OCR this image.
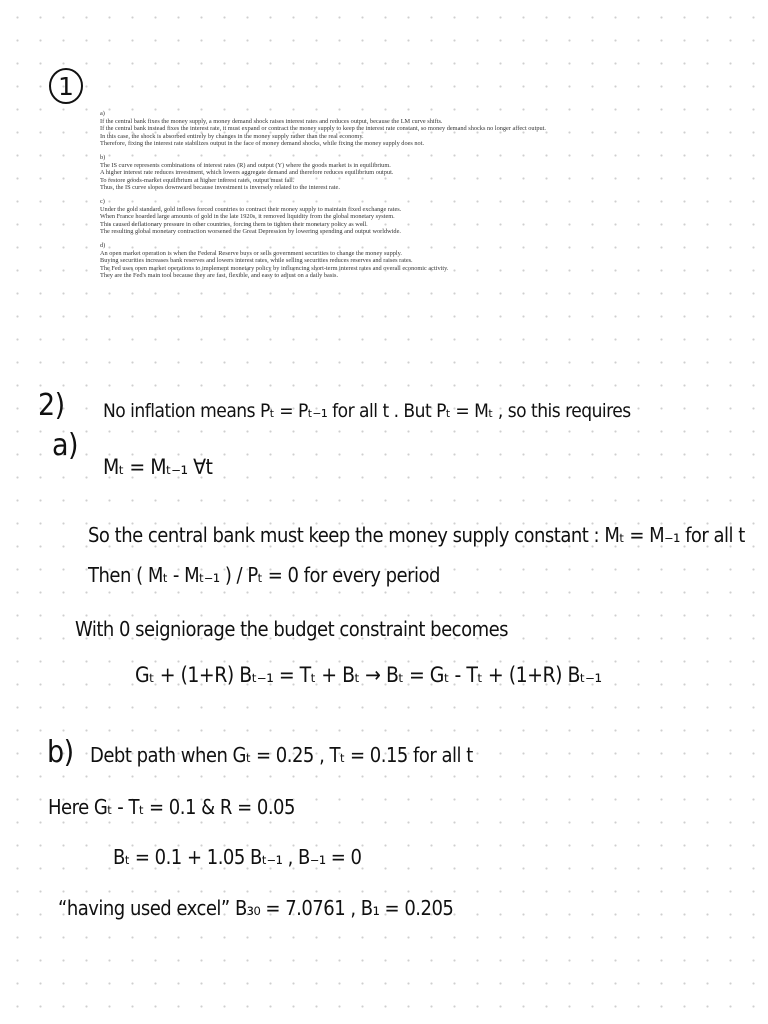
1
a)
If the central bank fixes the money supply, a money demand shock raises interest rates and reduces output, because the LM curve shifts.
If the central bank instead fixes the interest rate, it must expand or contract the money supply to keep the interest rate constant, so money demand shocks no longer affect output.
In this case, the shock is absorbed entirely by changes in the money supply rather than the real economy.
Therefore, fixing the interest rate stabilizes output in the face of money demand shocks, while fixing the money supply does not.
b)
The IS curve represents combinations of interest rates (R) and output (Y) where the goods market is in equilibrium.
A higher interest rate reduces investment, which lowers aggregate demand and therefore reduces equilibrium output.
To restore goods-market equilibrium at higher interest rates, output must fall.
Thus, the IS curve slopes downward because investment is inversely related to the interest rate.
c)
Under the gold standard, gold inflows forced countries to contract their money supply to maintain fixed exchange rates.
When France hoarded large amounts of gold in the late 1920s, it removed liquidity from the global monetary system.
This caused deflationary pressure in other countries, forcing them to tighten their monetary policy as well.
The resulting global monetary contraction worsened the Great Depression by lowering spending and output worldwide.
d)
An open market operation is when the Federal Reserve buys or sells government securities to change the money supply.
Buying securities increases bank reserves and lowers interest rates, while selling securities reduces reserves and raises rates.
The Fed uses open market operations to implement monetary policy by influencing short-term interest rates and overall economic activity.
They are the Fed's main tool because they are fast, flexible, and easy to adjust on a daily basis.
2)
a)
No inflation means Pₜ = Pₜ₋₁ for all t . But Pₜ = Mₜ , so this requires
Mₜ = Mₜ₋₁ ∀t
So the central bank must keep the money supply constant : Mₜ = M₋₁ for all t
Then ( Mₜ - Mₜ₋₁ ) / Pₜ = 0 for every period
With 0 seigniorage the budget constraint becomes
Gₜ + (1+R) Bₜ₋₁ = Tₜ + Bₜ → Bₜ = Gₜ - Tₜ + (1+R) Bₜ₋₁
b) Debt path when Gₜ = 0.25 , Tₜ = 0.15 for all t
Here Gₜ - Tₜ = 0.1 & R = 0.05
Bₜ = 0.1 + 1.05 Bₜ₋₁ , B₋₁ = 0
“having used excel” B₃₀ = 7.0761 , B₁ = 0.205
